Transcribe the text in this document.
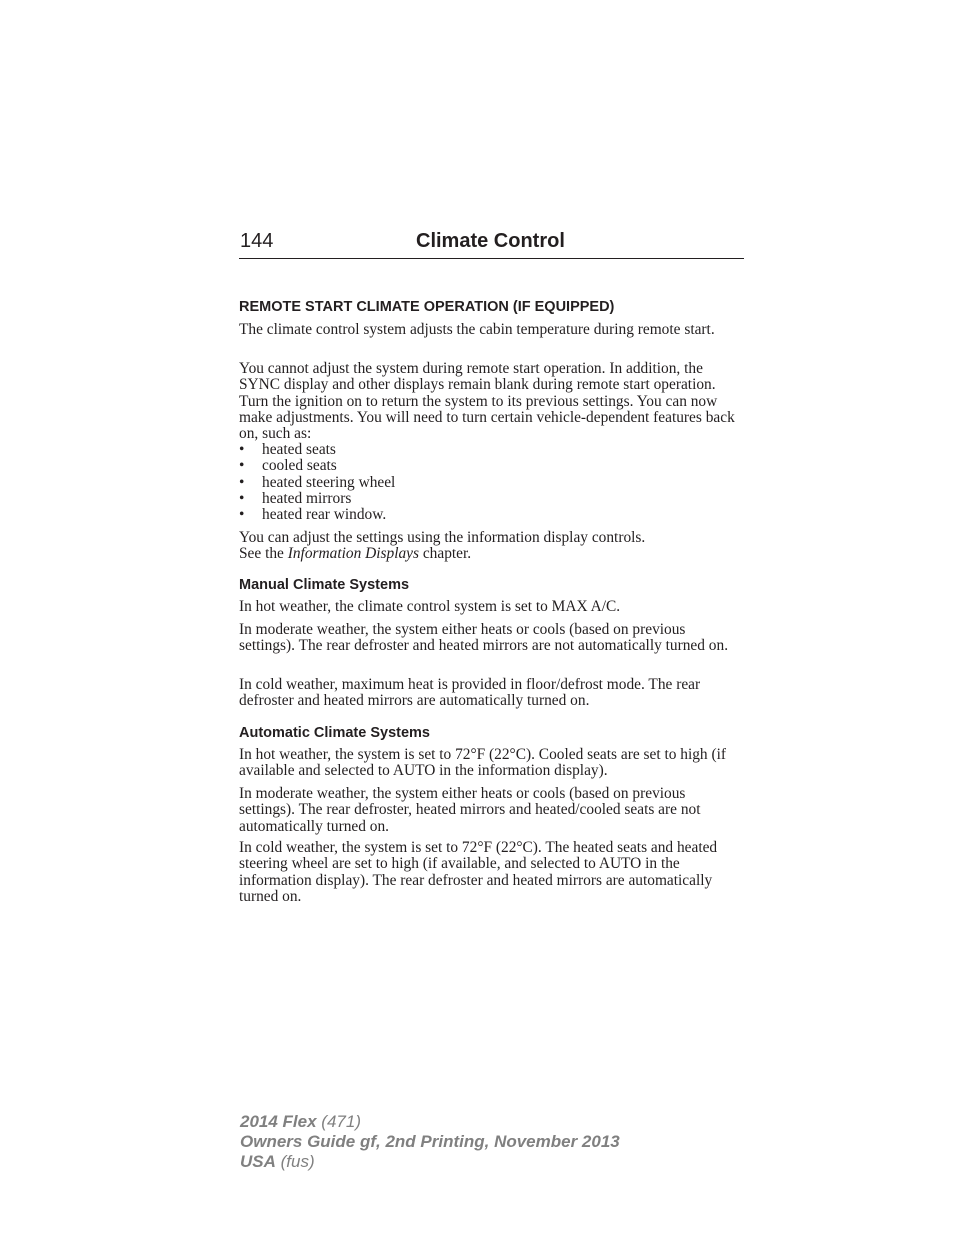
144	Climate Control
REMOTE START CLIMATE OPERATION (IF EQUIPPED)

The climate control system adjusts the cabin temperature during remote start.

You cannot adjust the system during remote start operation. In addition, the SYNC display and other displays remain blank during remote start operation. Turn the ignition on to return the system to its previous settings. You can now make adjustments. You will need to turn certain vehicle-dependent features back on, such as:

• heated seats
• cooled seats
• heated steering wheel
• heated mirrors
• heated rear window.

You can adjust the settings using the information display controls.
See the Information Displays chapter.

Manual Climate Systems

In hot weather, the climate control system is set to MAX A/C.

In moderate weather, the system either heats or cools (based on previous settings). The rear defroster and heated mirrors are not automatically turned on.

In cold weather, maximum heat is provided in floor/defrost mode. The rear defroster and heated mirrors are automatically turned on.

Automatic Climate Systems

In hot weather, the system is set to 72°F (22°C). Cooled seats are set to high (if available and selected to AUTO in the information display).

In moderate weather, the system either heats or cools (based on previous settings). The rear defroster, heated mirrors and heated/cooled seats are not automatically turned on.

In cold weather, the system is set to 72°F (22°C). The heated seats and heated steering wheel are set to high (if available, and selected to AUTO in the information display). The rear defroster and heated mirrors are automatically turned on.

2014 Flex (471)
Owners Guide gf, 2nd Printing, November 2013
USA (fus)
